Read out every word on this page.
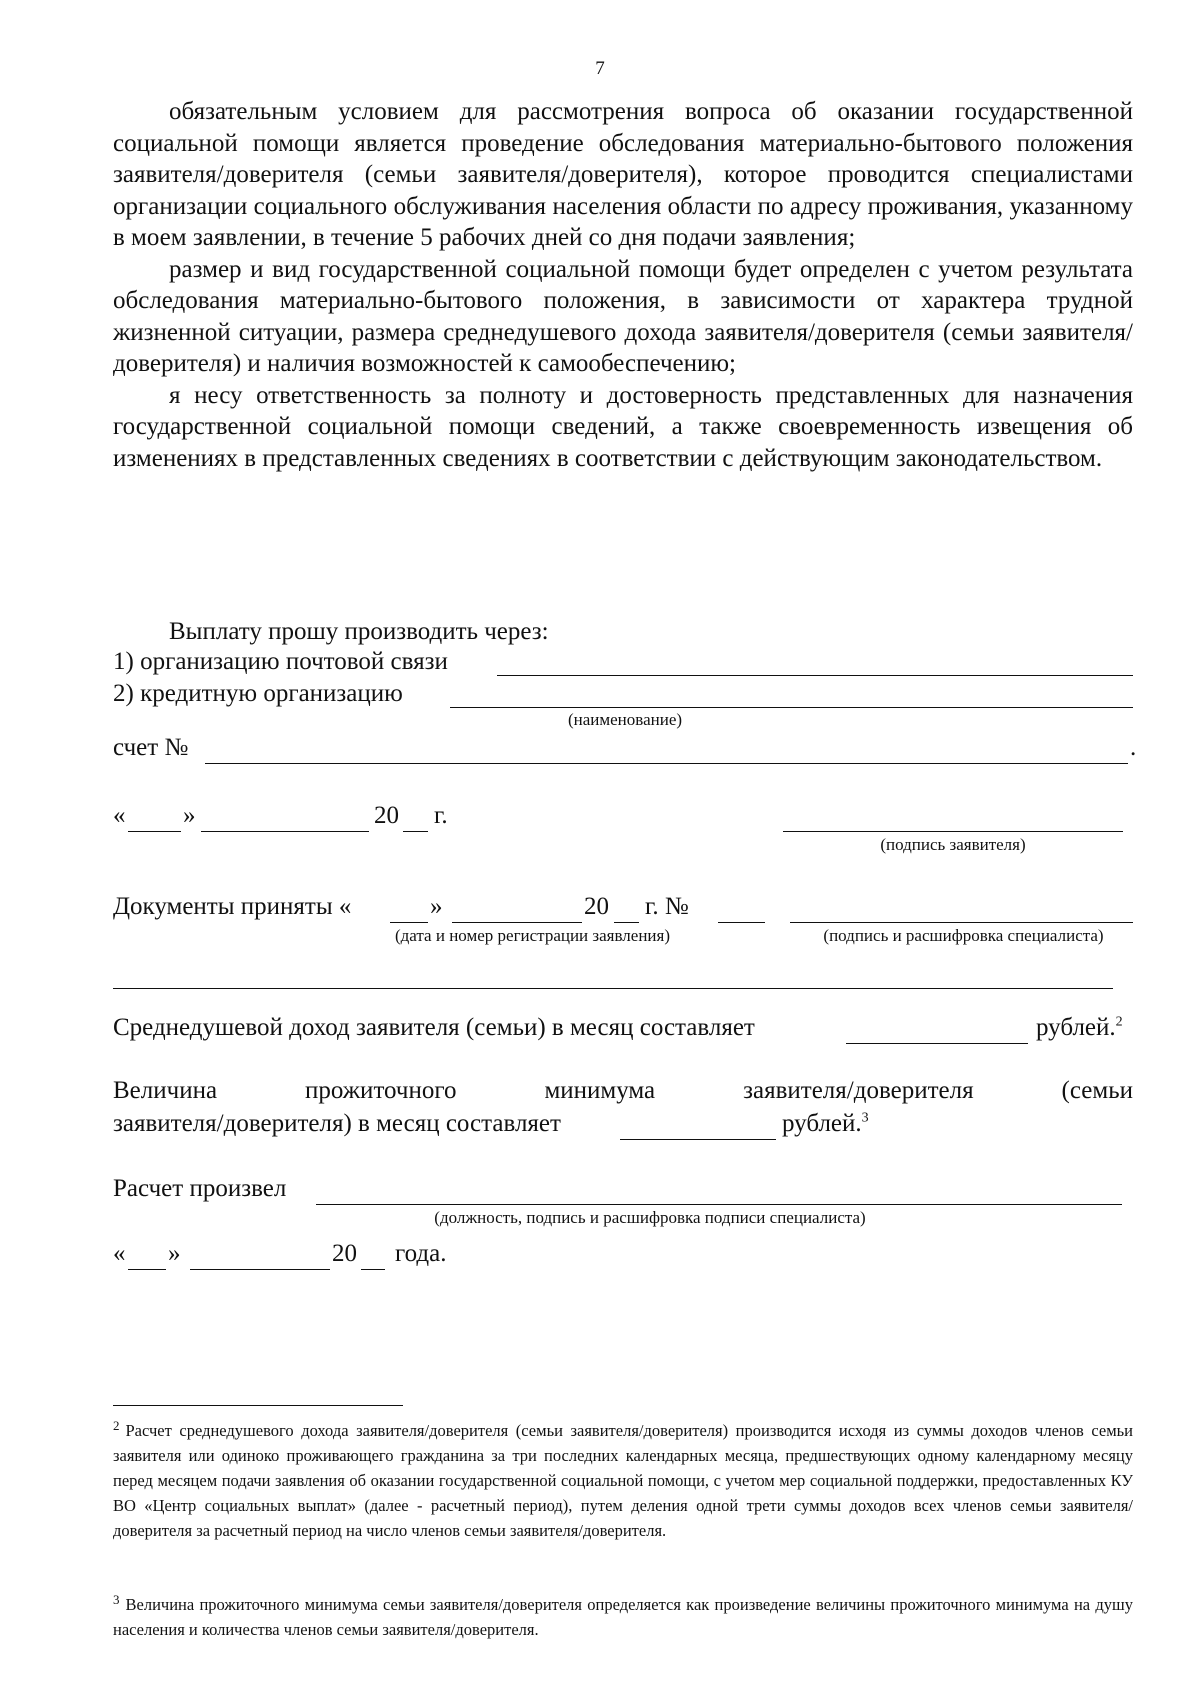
7

обязательным условием для рассмотрения вопроса об оказании государственной социальной помощи является проведение обследования материально-бытового положения заявителя/доверителя (семьи заявителя/доверителя), которое проводится специалистами организации социального обслуживания населения области по адресу проживания, указанному в моем заявлении, в течение 5 рабочих дней со дня подачи заявления;

размер и вид государственной социальной помощи будет определен с учетом результата обследования материально-бытового положения, в зависимости от характера трудной жизненной ситуации, размера среднедушевого дохода заявителя/доверителя (семьи заявителя/доверителя) и наличия возможностей к самообеспечению;

я несу ответственность за полноту и достоверность представленных для назначения государственной социальной помощи сведений, а также своевременность извещения об изменениях в представленных сведениях в соответствии с действующим законодательством.

Выплату прошу производить через:
1) организацию почтовой связи
2) кредитную организацию
(наименование)
счет №	.
« »	20 г.
(подпись заявителя)
Документы приняты «	»	20 г. №
(дата и номер регистрации заявления)	(подпись и расшифровка специалиста)
Среднедушевой доход заявителя (семьи) в месяц составляет	рублей.$^2$
Величина	прожиточного	минимума	заявителя/доверителя	(семьи
заявителя/доверителя) в месяц составляет	рублей.$^3$
Расчет произвел
(должность, подпись и расшифровка подписи специалиста)
« »	20 года.
$^2$ Расчет среднедушевого дохода заявителя/доверителя (семьи заявителя/доверителя) производится исходя из суммы доходов членов семьи заявителя или одиноко проживающего гражданина за три последних календарных месяца, предшествующих одному календарному месяцу перед месяцем подачи заявления об оказании государственной социальной помощи, с учетом мер социальной поддержки, предоставленных КУ ВО «Центр социальных выплат» (далее - расчетный период), путем деления одной трети суммы доходов всех членов семьи заявителя/доверителя за расчетный период на число членов семьи заявителя/доверителя.
$^3$ Величина прожиточного минимума семьи заявителя/доверителя определяется как произведение величины прожиточного минимума на душу населения и количества членов семьи заявителя/доверителя.
